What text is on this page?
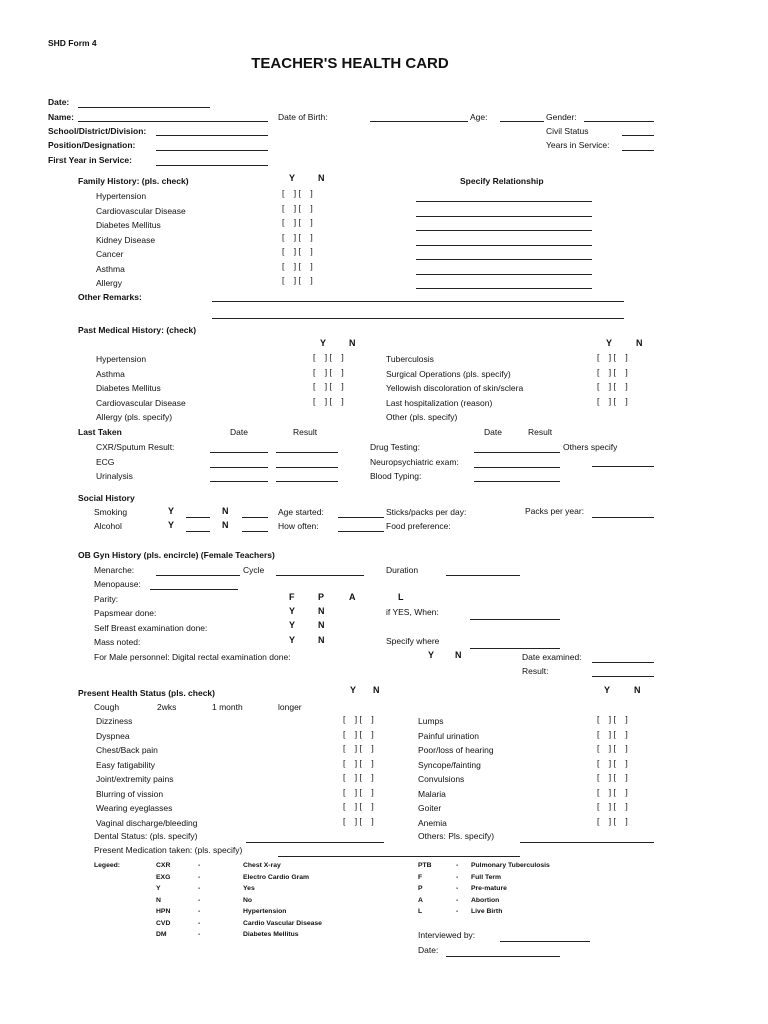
SHD Form 4
TEACHER'S HEALTH CARD
Date:
Name:	Date of Birth:	Age:	Gender:
School/District/Division:	Civil Status
Position/Designation:	Years in Service:
First Year in Service:
Family History: (pls. check)	Y	N	Specify Relationship
Hypertension	[    ] [    ]
Cardiovascular Disease	[    ] [    ]
Diabetes Mellitus	[    ] [    ]
Kidney Disease	[    ] [    ]
Cancer	[    ] [    ]
Asthma	[    ] [    ]
Allergy	[    ] [    ]
Other Remarks:
Past Medical History: (check)
Y	N	Y	N
Hypertension	[    ] [    ]
Asthma	[    ] [    ]
Diabetes Mellitus	[    ] [    ]
Cardiovascular Disease	[    ] [    ]
Allergy (pls. specify)
Tuberculosis	[    ] [    ]
Surgical Operations (pls. specify)	[    ] [    ]
Yellowish discoloration of skin/sclera	[    ] [    ]
Last hospitalization (reason)	[    ] [    ]
Other (pls. specify)
Last Taken	Date	Result	Date	Result
CXR/Sputum Result:
ECG
Urinalysis
Drug Testing:
Neuropsychiatric exam:
Blood Typing:
Others specify
Social History
Smoking	Y	N	Age started:	Sticks/packs per day:	Packs per year:
Alcohol	Y	N	How often:	Food preference:
OB Gyn History (pls. encircle) (Female Teachers)
Menarche:	Cycle	Duration
Menopause:
Parity:	F	P	A	L
Papsmear done:	Y	N	if YES, When:
Self Breast examination done:	Y	N
Mass noted:	Y	N	Specify where
For Male personnel: Digital rectal examination done:	Y N	Date examined:
Result:
Present Health Status (pls. check)	Y N	Y	N
Cough	2wks	1 month	longer
Dizziness	[    ] [    ]
Dyspnea	[    ] [    ]
Chest/Back pain	[    ] [    ]
Easy fatigability	[    ] [    ]
Joint/extremity pains	[    ] [    ]
Blurring of vission	[    ] [    ]
Wearing eyeglasses	[    ] [    ]
Vaginal discharge/bleeding	[    ] [    ]
Lumps	[    ] [    ]
Painful urination	[    ] [    ]
Poor/loss of hearing	[    ] [    ]
Syncope/fainting	[    ] [    ]
Convulsions	[    ] [    ]
Malaria	[    ] [    ]
Goiter	[    ] [    ]
Anemia	[    ] [    ]
Dental Status: (pls. specify)	Others: Pls. specify)
Present Medication taken: (pls. specify)
Legeed:	CXR	-	Chest X-ray
EXG	-	Electro Cardio Gram
Y	-	Yes
N	-	No
HPN	-	Hypertension
CVD	-	Cardio Vascular Disease
DM	-	Diabetes Mellitus
PTB	- Pulmonary Tuberculosis
F	- Full Term
P	- Pre-mature
A	- Abortion
L	- Live Birth
Interviewed by:
Date:
